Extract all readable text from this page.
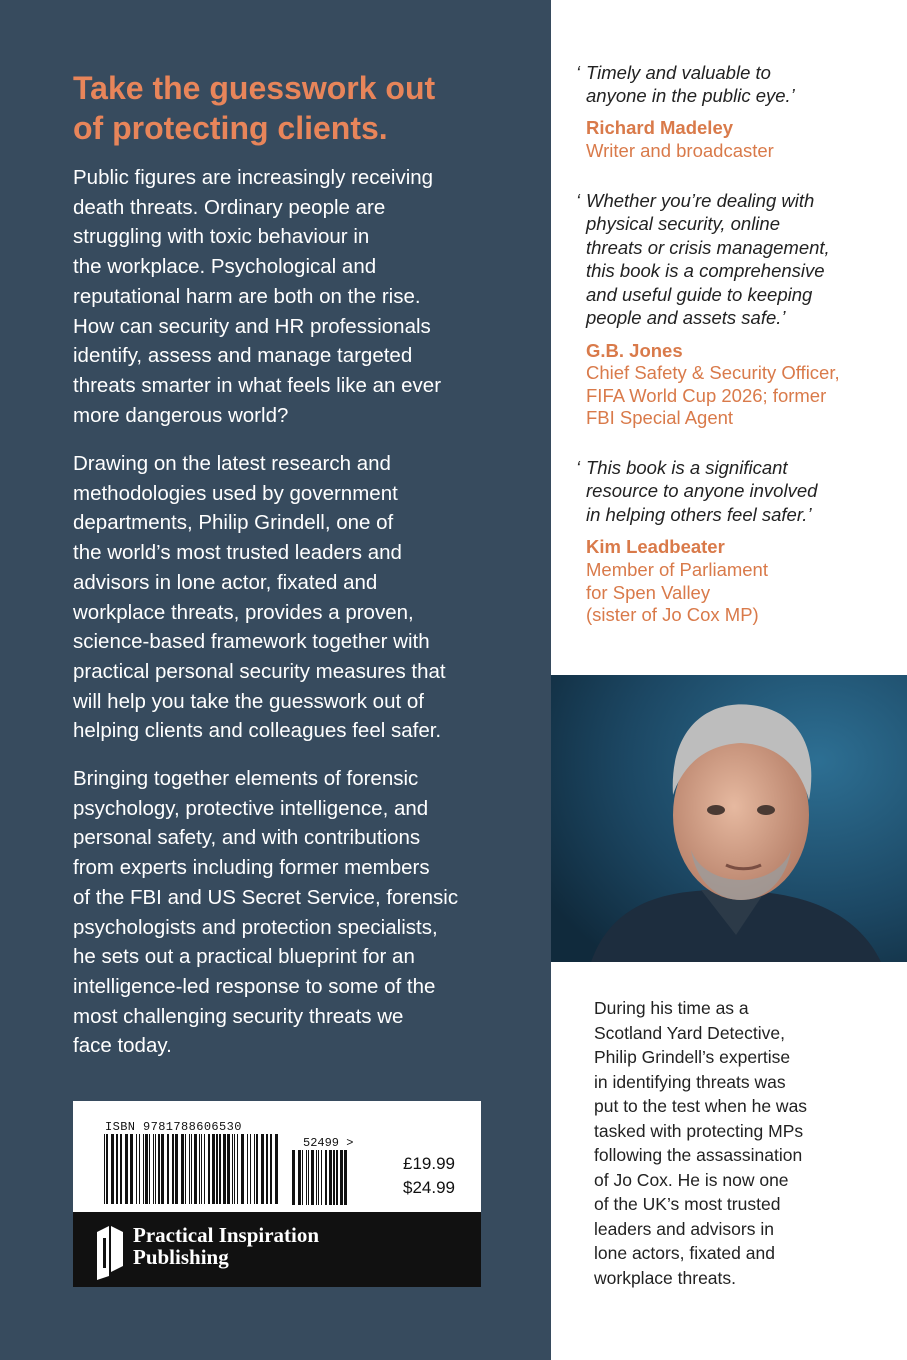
Take the guesswork out
of protecting clients.

Public figures are increasingly receiving
death threats. Ordinary people are
struggling with toxic behaviour in
the workplace. Psychological and
reputational harm are both on the rise.
How can security and HR professionals
identify, assess and manage targeted
threats smarter in what feels like an ever
more dangerous world?

Drawing on the latest research and
methodologies used by government
departments, Philip Grindell, one of
the world’s most trusted leaders and
advisors in lone actor, fixated and
workplace threats, provides a proven,
science-based framework together with
practical personal security measures that
will help you take the guesswork out of
helping clients and colleagues feel safer.

Bringing together elements of forensic
psychology, protective intelligence, and
personal safety, and with contributions
from experts including former members
of the FBI and US Secret Service, forensic
psychologists and protection specialists,
he sets out a practical blueprint for an
intelligence-led response to some of the
most challenging security threats we
face today.

ISBN 9781788606530
52499 >
£19.99
$24.99
Practical Inspiration
Publishing

‘ Timely and valuable to
anyone in the public eye.’

Richard Madeley

Writer and broadcaster

‘ Whether you’re dealing with
physical security, online
threats or crisis management,
this book is a comprehensive
and useful guide to keeping
people and assets safe.’

G.B. Jones

Chief Safety & Security Officer,
FIFA World Cup 2026; former
FBI Special Agent

‘ This book is a significant
resource to anyone involved
in helping others feel safer.’

Kim Leadbeater

Member of Parliament
for Spen Valley
(sister of Jo Cox MP)

During his time as a
Scotland Yard Detective,
Philip Grindell’s expertise
in identifying threats was
put to the test when he was
tasked with protecting MPs
following the assassination
of Jo Cox. He is now one
of the UK’s most trusted
leaders and advisors in
lone actors, fixated and
workplace threats.
